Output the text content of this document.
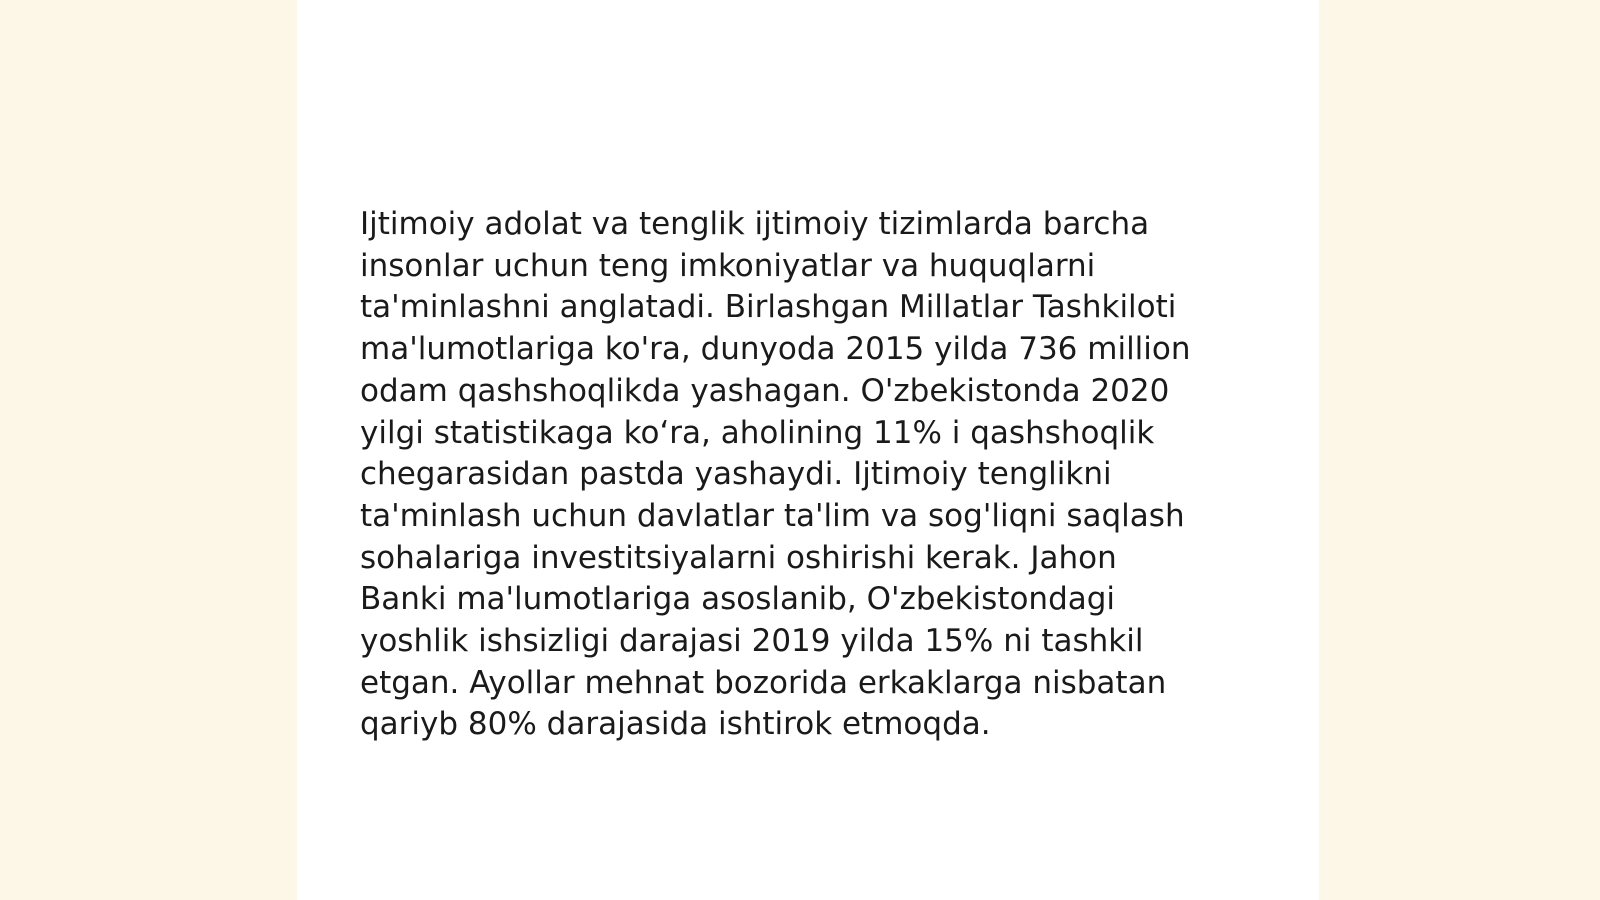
Ijtimoiy adolat va tenglik ijtimoiy tizimlarda barcha
insonlar uchun teng imkoniyatlar va huquqlarni
ta'minlashni anglatadi. Birlashgan Millatlar Tashkiloti
ma'lumotlariga ko'ra, dunyoda 2015 yilda 736 million
odam qashshoqlikda yashagan. O'zbekistonda 2020
yilgi statistikaga ko‘ra, aholining 11% i qashshoqlik
chegarasidan pastda yashaydi. Ijtimoiy tenglikni
ta'minlash uchun davlatlar ta'lim va sog'liqni saqlash
sohalariga investitsiyalarni oshirishi kerak. Jahon
Banki ma'lumotlariga asoslanib, O'zbekistondagi
yoshlik ishsizligi darajasi 2019 yilda 15% ni tashkil
etgan. Ayollar mehnat bozorida erkaklarga nisbatan
qariyb 80% darajasida ishtirok etmoqda.
